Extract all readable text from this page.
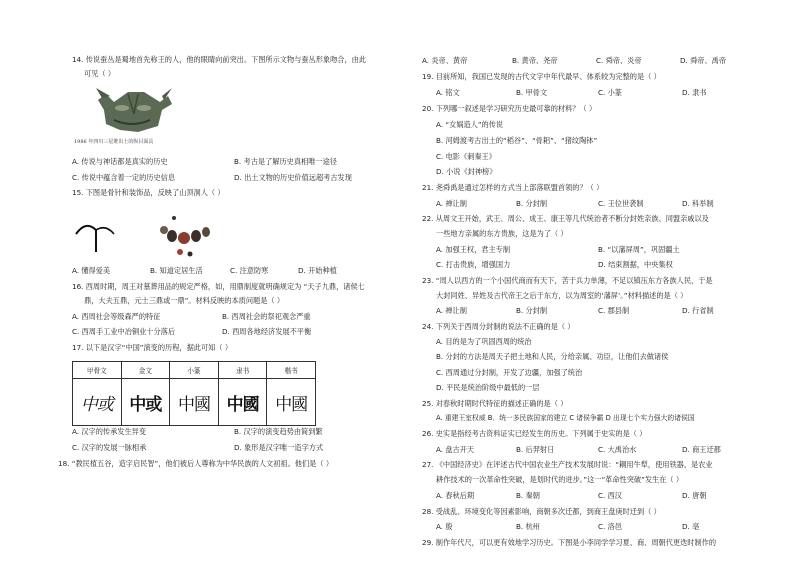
14. 传说蚕丛是蜀地首先称王的人，他的眼睛向前突出。下图所示文物与蚕丛形象吻合，由此
可见（ ）
1986 年四川三星堆出土的纵目面具
A. 传说与神话都是真实的历史	B. 考古是了解历史真相唯一途径
C. 传说中蕴含着一定的历史信息	D. 出土文物的历史价值远超考古发现
15. 下图是骨针和装饰品，反映了山顶洞人（ ）
A. 懂得爱美	B. 知道定居生活	C. 注意防寒	D. 开始种植
16. 西周时期，周王对墓葬用品的规定严格，如，用鼎制度就明确规定为 “天子九鼎，诸侯七
鼎，大夫五鼎，元士三鼎或一鼎”。材料反映的本质问题是（ ）
A. 西周社会等级森严的特征	B. 西周社会的祭祀观念严重
C. 西周手工业中冶铜业十分落后	D. 西周各地经济发展不平衡
17. 以下是汉字“中国”演变的历程，据此可知（ ）
甲骨文	金文	小篆	隶书	楷书
中或	中或	中國	中國	中國
A. 汉字的传承发生异变	B. 汉字的演变趋势由简到繁
C. 汉字的发展一脉相承	D. 象形是汉字唯一造字方式
18. “教民植五谷，造字启民智”，他们被后人尊称为中华民族的人文初祖。他们是（ ）
A. 炎帝、黄帝	B. 黄帝、尧帝	C. 舜帝、炎帝	D. 舜帝、禹帝
19. 目前所知，我国已发现的古代文字中年代最早、体系较为完整的是（ ）
A. 铭文	B. 甲骨文	C. 小篆	D. 隶书
20. 下列哪一叙述是学习研究历史最可靠的材料？（ ）
A. “女娲造人”的传说
B. 河姆渡考古出土的“稻谷”、“骨耜”、“猪纹陶钵”
C. 电影《刺秦王》
D. 小说《封神榜》
21. 尧舜禹是通过怎样的方式当上部落联盟首领的？（ ）
A. 禅让制	B. 分封制	C. 王位世袭制	D. 科举制
22. 从周文王开始，武王、周公、成王、康王等几代统治者不断分封姓亲族、同盟亲戚以及
一些地方亲属的东方贵族，这是为了（ ）
A. 加强王权，君主专制	B. “以藩屏周”，巩固疆土
C. 打击贵族，增强国力	D. 结束割据，中央集权
23. “周人以西方的一个小国代商而有天下，苦于兵力单薄，不足以镇压东方各族人民，于是
大封同姓、异姓及古代帝王之后于东方，以为周室的‘藩屏’。”材料描述的是（ ）
A. 禅让制	B. 分封制	C. 郡县制	D. 行省制
24. 下列关于西周分封制的说法不正确的是（ ）
A. 目的是为了巩固西周的统治
B. 分封的方法是周天子把土地和人民，分给亲属、功臣，让他们去做诸侯
C. 西周通过分封制，开发了边疆，加强了统治
D. 平民是统治阶级中最低的一层
25. 对春秋时期时代特征的描述正确的是（ ）
A. 重建王室权威 B．统一多民族国家的建立 C 诸侯争霸 D 出现七个实力强大的诸侯国
26. 史实是指经考古资料证实已经发生的历史。下列属于史实的是（ ）
A. 盘古开天	B. 后羿射日	C. 大禹治水	D. 商王迁都
27. 《中国经济史》在评述古代中国农业生产技术发展时说：“耦用牛犁，使用铁器，是农业
耕作技术的一次革命性突破，是划时代的进步。”这一“革命性突破”发生在（ ）
A. 春秋后期	B. 秦朝	C. 西汉	D. 唐朝
28. 受战乱、环境变化等因素影响，商朝多次迁都，到商王盘庚时迁到（ ）
A. 殷	B. 杭州	C. 洛邑	D. 亳
29. 制作年代尺，可以更有效地学习历史。下图是小李同学学习夏、商、周朝代更迭时制作的
